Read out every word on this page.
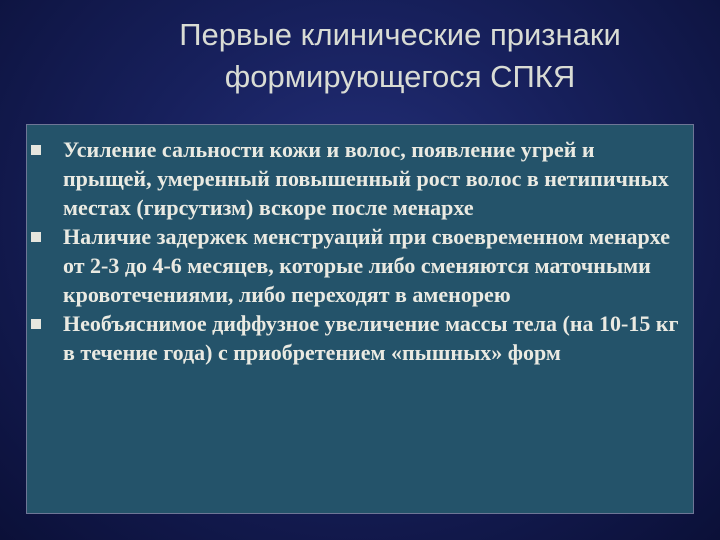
Первые клинические признаки
формирующегося СПКЯ
Усиление сальности кожи и волос, появление угрей и прыщей, умеренный повышенный рост волос в нетипичных местах (гирсутизм) вскоре после менархе
Наличие задержек менструаций при своевременном менархе от 2-3 до 4-6 месяцев, которые либо сменяются маточными кровотечениями, либо переходят в аменорею
Необъяснимое диффузное увеличение массы тела (на 10-15 кг в течение года) с приобретением «пышных» форм
